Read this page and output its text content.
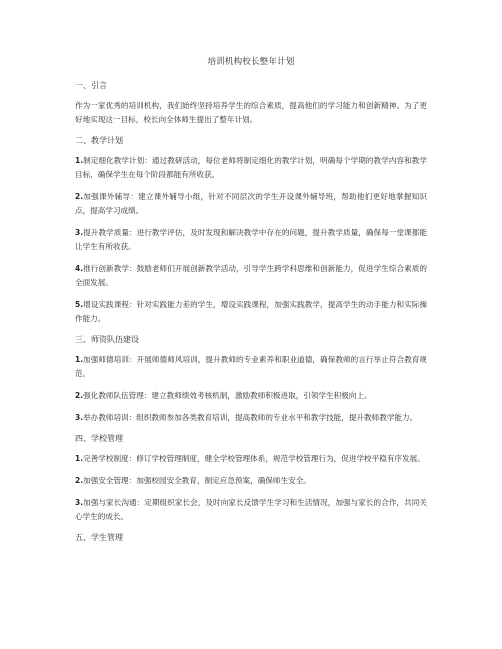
培训机构校长整年计划
一、引言

作为一家优秀的培训机构，我们始终坚持培养学生的综合素质，提高他们的学习能力和创新精神。为了更好地实现这一目标，校长向全体师生提出了整年计划。

二、教学计划

1.制定细化教学计划：通过教研活动，每位老师将制定细化的教学计划，明确每个学期的教学内容和教学目标，确保学生在每个阶段都能有所收获。

2.加强课外辅导：建立课外辅导小组，针对不同层次的学生开设课外辅导班，帮助他们更好地掌握知识点，提高学习成绩。

3.提升教学质量：进行教学评估，及时发现和解决教学中存在的问题，提升教学质量，确保每一堂课都能让学生有所收获。

4.推行创新教学：鼓励老师们开展创新教学活动，引导学生跨学科思维和创新能力，促进学生综合素质的全面发展。

5.增设实践课程：针对实践能力差的学生，增设实践课程，加强实践教学，提高学生的动手能力和实际操作能力。

三、师资队伍建设

1.加强师德培训：开展师德师风培训，提升教师的专业素养和职业道德，确保教师的言行举止符合教育规范。

2.强化教师队伍管理：建立教师绩效考核机制，激励教师积极进取，引领学生积极向上。

3.举办教师培训：组织教师参加各类教育培训，提高教师的专业水平和教学技能，提升教师教学能力。

四、学校管理

1.完善学校制度：修订学校管理制度，健全学校管理体系，规范学校管理行为，促进学校平稳有序发展。

2.加强安全管理：加强校园安全教育，制定应急预案，确保师生安全。

3.加强与家长沟通：定期组织家长会，及时向家长反馈学生学习和生活情况，加强与家长的合作，共同关心学生的成长。

五、学生管理
